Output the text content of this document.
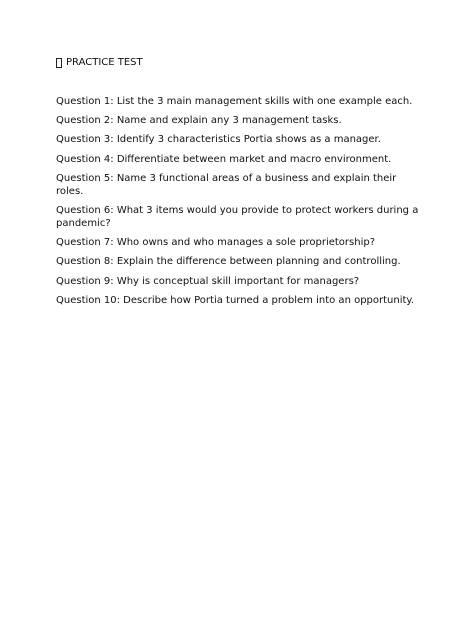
PRACTICE TEST
Question 1: List the 3 main management skills with one example each.
Question 2: Name and explain any 3 management tasks.
Question 3: Identify 3 characteristics Portia shows as a manager.
Question 4: Differentiate between market and macro environment.
Question 5: Name 3 functional areas of a business and explain their roles.
Question 6: What 3 items would you provide to protect workers during a pandemic?
Question 7: Who owns and who manages a sole proprietorship?
Question 8: Explain the difference between planning and controlling.
Question 9: Why is conceptual skill important for managers?
Question 10: Describe how Portia turned a problem into an opportunity.
